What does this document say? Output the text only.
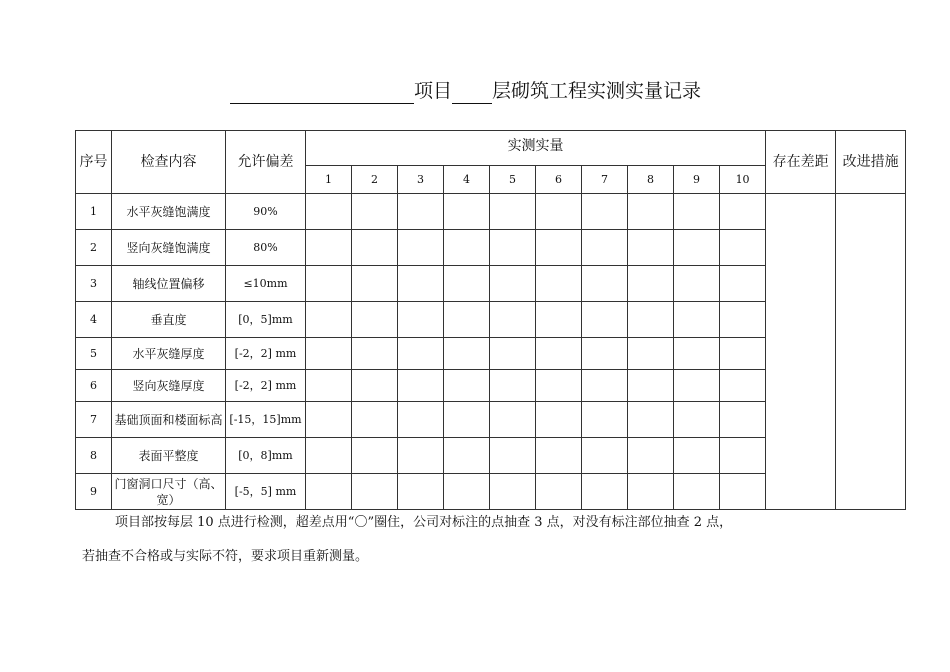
项目 层砌筑工程实测实量记录
序号	检查内容	允许偏差	实测实量										存在差距	改进措施
			1	2	3	4	5	6	7	8	9	10		
1	水平灰缝饱满度	90%												
2	竖向灰缝饱满度	80%												
3	轴线位置偏移	≤10mm												
4	垂直度	[0，5]mm												
5	水平灰缝厚度	[-2，2] mm												
6	竖向灰缝厚度	[-2，2] mm												
7	基础顶面和楼面标高	[-15，15]mm												
8	表面平整度	[0，8]mm												
9	门窗洞口尺寸（高、宽）	[-5，5] mm												
项目部按每层 10 点进行检测，超差点用“〇”圈住，公司对标注的点抽查 3 点，对没有标注部位抽查 2 点，
若抽查不合格或与实际不符，要求项目重新测量。
